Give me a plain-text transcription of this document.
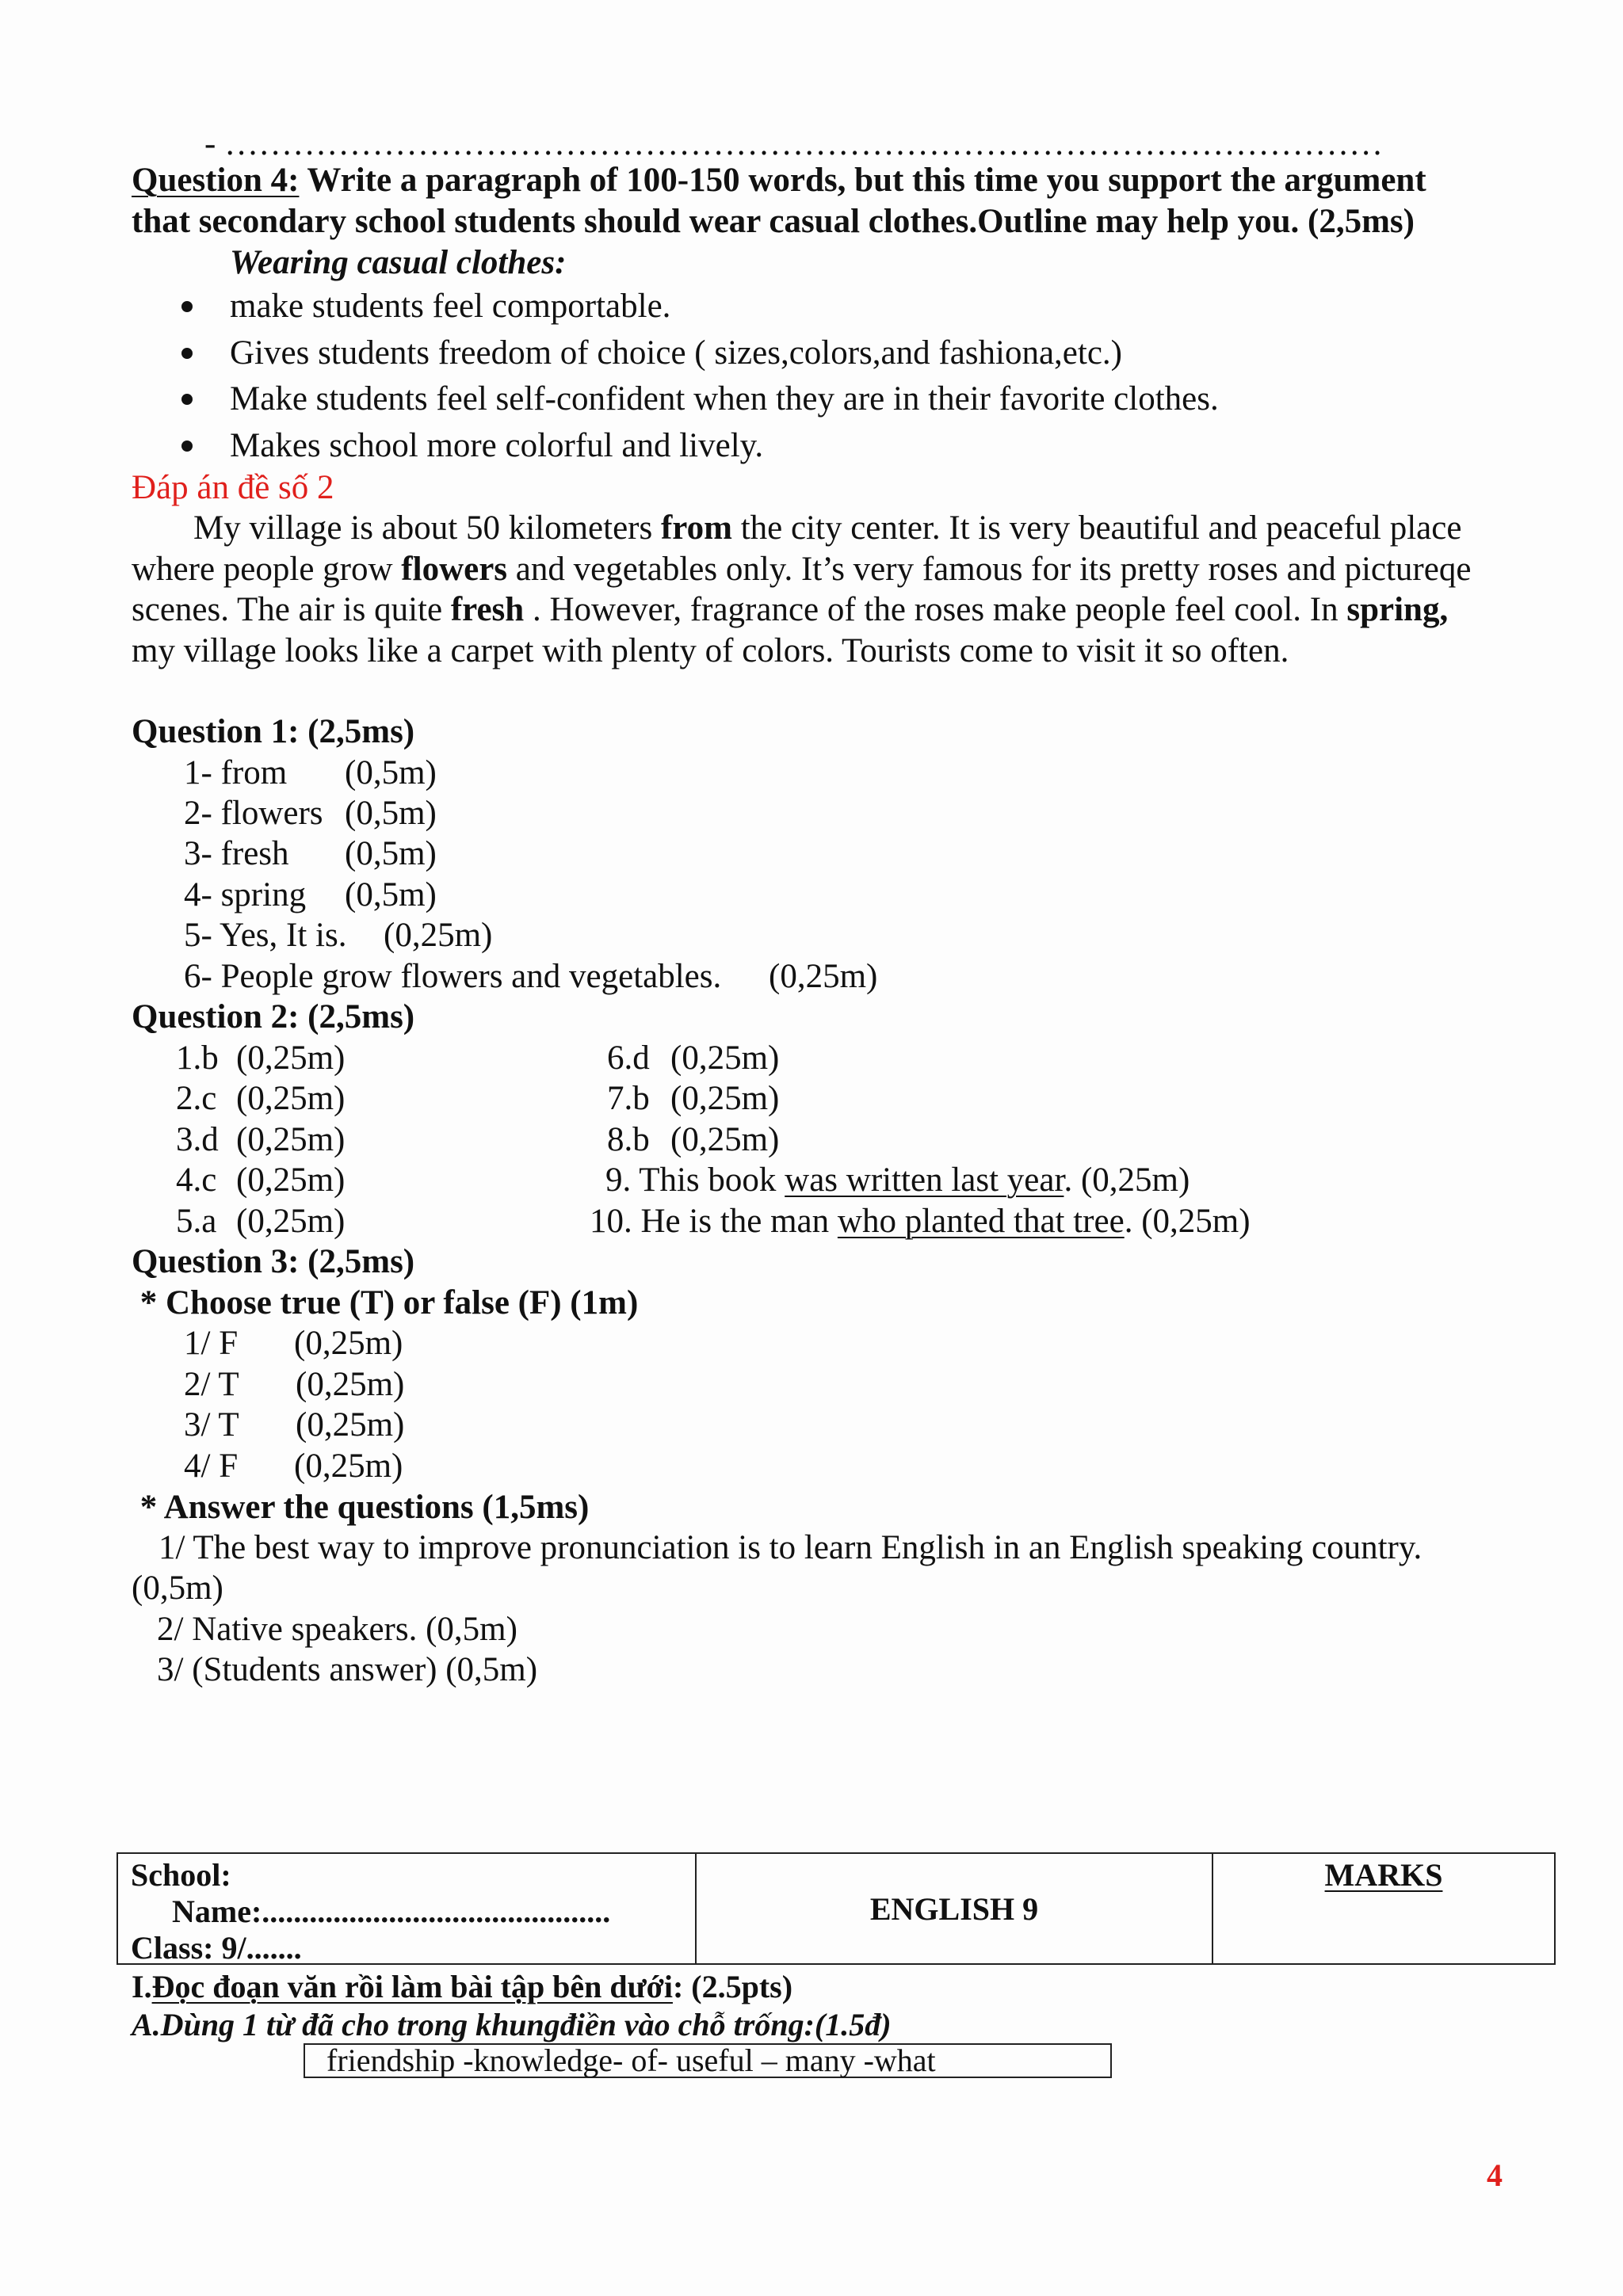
- …………………………………………………………………………………………
Question 4: Write a paragraph of 100-150 words, but this time you support the argument
that secondary school students should wear casual clothes.Outline may help you. (2,5ms)
Wearing casual clothes:
make students feel comportable.
Gives students freedom of choice ( sizes,colors,and fashiona,etc.)
Make students feel self-confident when they are in their favorite clothes.
Makes school more colorful and lively.
Đáp án đề số 2
My village is about 50 kilometers from the city center. It is very beautiful and peaceful place where people grow flowers and vegetables only. It’s very famous for its pretty roses and pictureqe scenes. The air is quite fresh . However, fragrance of the roses make people feel cool. In spring, my village looks like a carpet with plenty of colors. Tourists come to visit it so often.
Question 1: (2,5ms)
1- from (0,5m)
2- flowers (0,5m)
3- fresh (0,5m)
4- spring (0,5m)
5- Yes, It is. (0,25m)
6- People grow flowers and vegetables. (0,25m)
Question 2: (2,5ms)
1.b (0,25m)
2.c (0,25m)
3.d (0,25m)
4.c (0,25m)
5.a (0,25m)
6.d (0,25m)
7.b (0,25m)
8.b (0,25m)
9. This book was written last year. (0,25m)
10. He is the man who planted that tree. (0,25m)
Question 3: (2,5ms)
* Choose true (T) or false (F) (1m)
1/ F (0,25m)
2/ T (0,25m)
3/ T (0,25m)
4/ F (0,25m)
* Answer the questions (1,5ms)
1/ The best way to improve pronunciation is to learn English in an English speaking country.
(0,5m)
2/ Native speakers. (0,5m)
3/ (Students answer) (0,5m)
School:
Name:............................................
Class: 9/.......
	ENGLISH 9	MARKS
I.Đọc đoạn văn rồi làm bài tập bên dưới: (2.5pts)
A.Dùng 1 từ đã cho trong khungđiền vào chỗ trống:(1.5đ)
friendship -knowledge- of- useful – many -what
4
